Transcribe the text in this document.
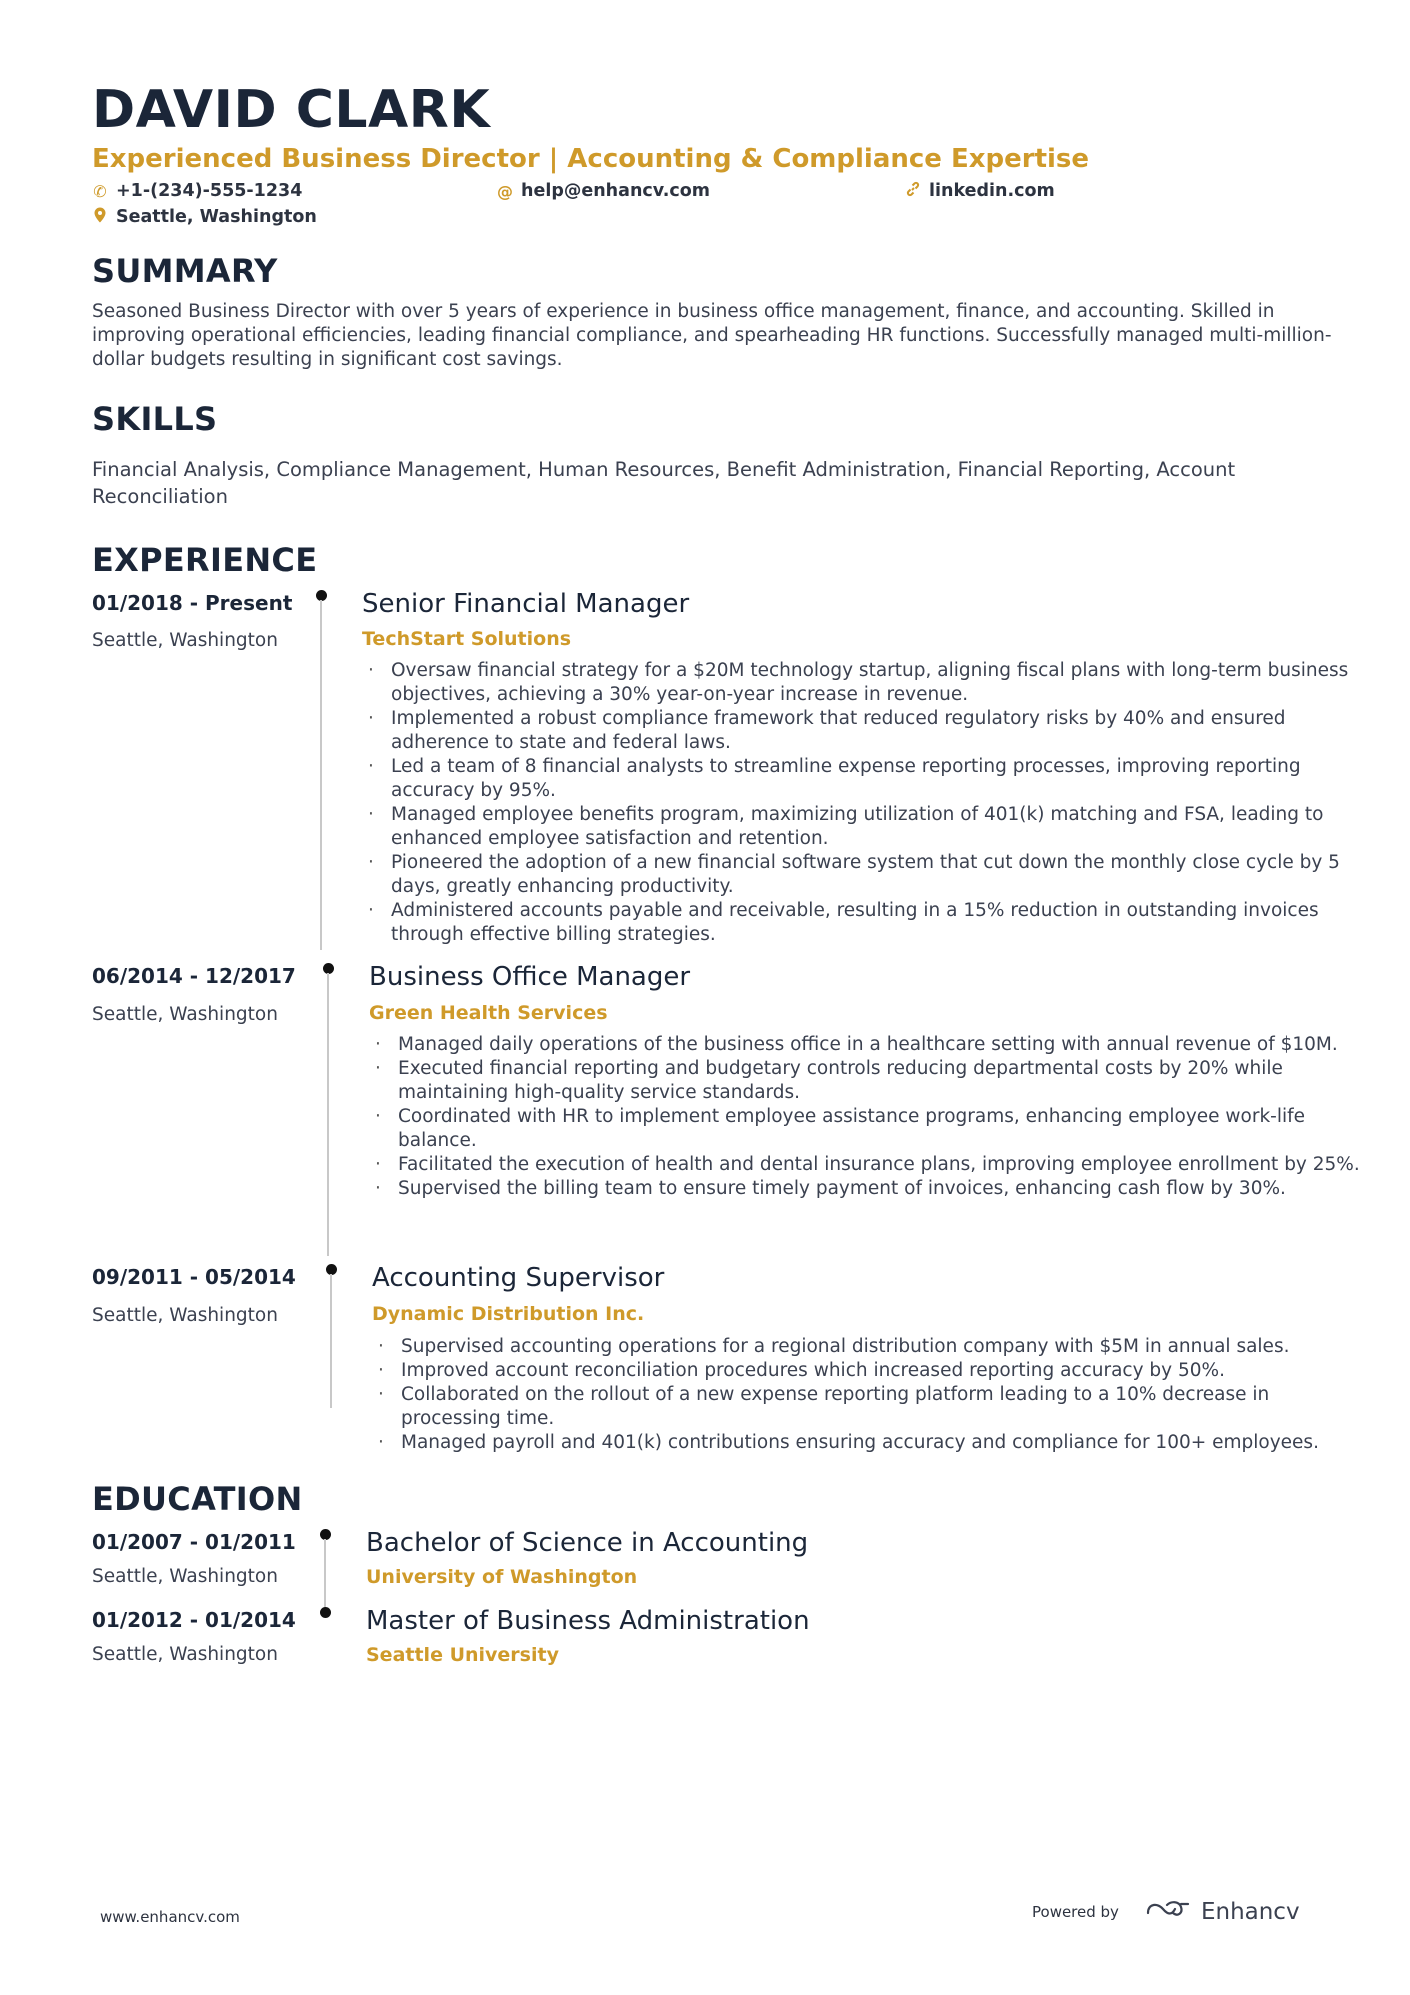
DAVID CLARK
Experienced Business Director | Accounting & Compliance Expertise
✆ +1-(234)-555-1234	@ help@enhancv.com	linkedin.com
Seattle, Washington
SUMMARY
Seasoned Business Director with over 5 years of experience in business office management, finance, and accounting. Skilled in improving operational efficiencies, leading financial compliance, and spearheading HR functions. Successfully managed multi-million-dollar budgets resulting in significant cost savings.
SKILLS
Financial Analysis, Compliance Management, Human Resources, Benefit Administration, Financial Reporting, Account Reconciliation
EXPERIENCE
01/2018 - Present
Seattle, Washington
Senior Financial Manager
TechStart Solutions
· Oversaw financial strategy for a $20M technology startup, aligning fiscal plans with long-term business objectives, achieving a 30% year-on-year increase in revenue.
· Implemented a robust compliance framework that reduced regulatory risks by 40% and ensured adherence to state and federal laws.
· Led a team of 8 financial analysts to streamline expense reporting processes, improving reporting accuracy by 95%.
· Managed employee benefits program, maximizing utilization of 401(k) matching and FSA, leading to enhanced employee satisfaction and retention.
· Pioneered the adoption of a new financial software system that cut down the monthly close cycle by 5 days, greatly enhancing productivity.
· Administered accounts payable and receivable, resulting in a 15% reduction in outstanding invoices through effective billing strategies.
06/2014 - 12/2017
Seattle, Washington
Business Office Manager
Green Health Services
· Managed daily operations of the business office in a healthcare setting with annual revenue of $10M.
· Executed financial reporting and budgetary controls reducing departmental costs by 20% while maintaining high-quality service standards.
· Coordinated with HR to implement employee assistance programs, enhancing employee work-life balance.
· Facilitated the execution of health and dental insurance plans, improving employee enrollment by 25%.
· Supervised the billing team to ensure timely payment of invoices, enhancing cash flow by 30%.
09/2011 - 05/2014
Seattle, Washington
Accounting Supervisor
Dynamic Distribution Inc.
· Supervised accounting operations for a regional distribution company with $5M in annual sales.
· Improved account reconciliation procedures which increased reporting accuracy by 50%.
· Collaborated on the rollout of a new expense reporting platform leading to a 10% decrease in processing time.
· Managed payroll and 401(k) contributions ensuring accuracy and compliance for 100+ employees.
EDUCATION
01/2007 - 01/2011
Seattle, Washington
Bachelor of Science in Accounting
University of Washington
01/2012 - 01/2014
Seattle, Washington
Master of Business Administration
Seattle University
www.enhancv.com	Powered by	Enhancv
